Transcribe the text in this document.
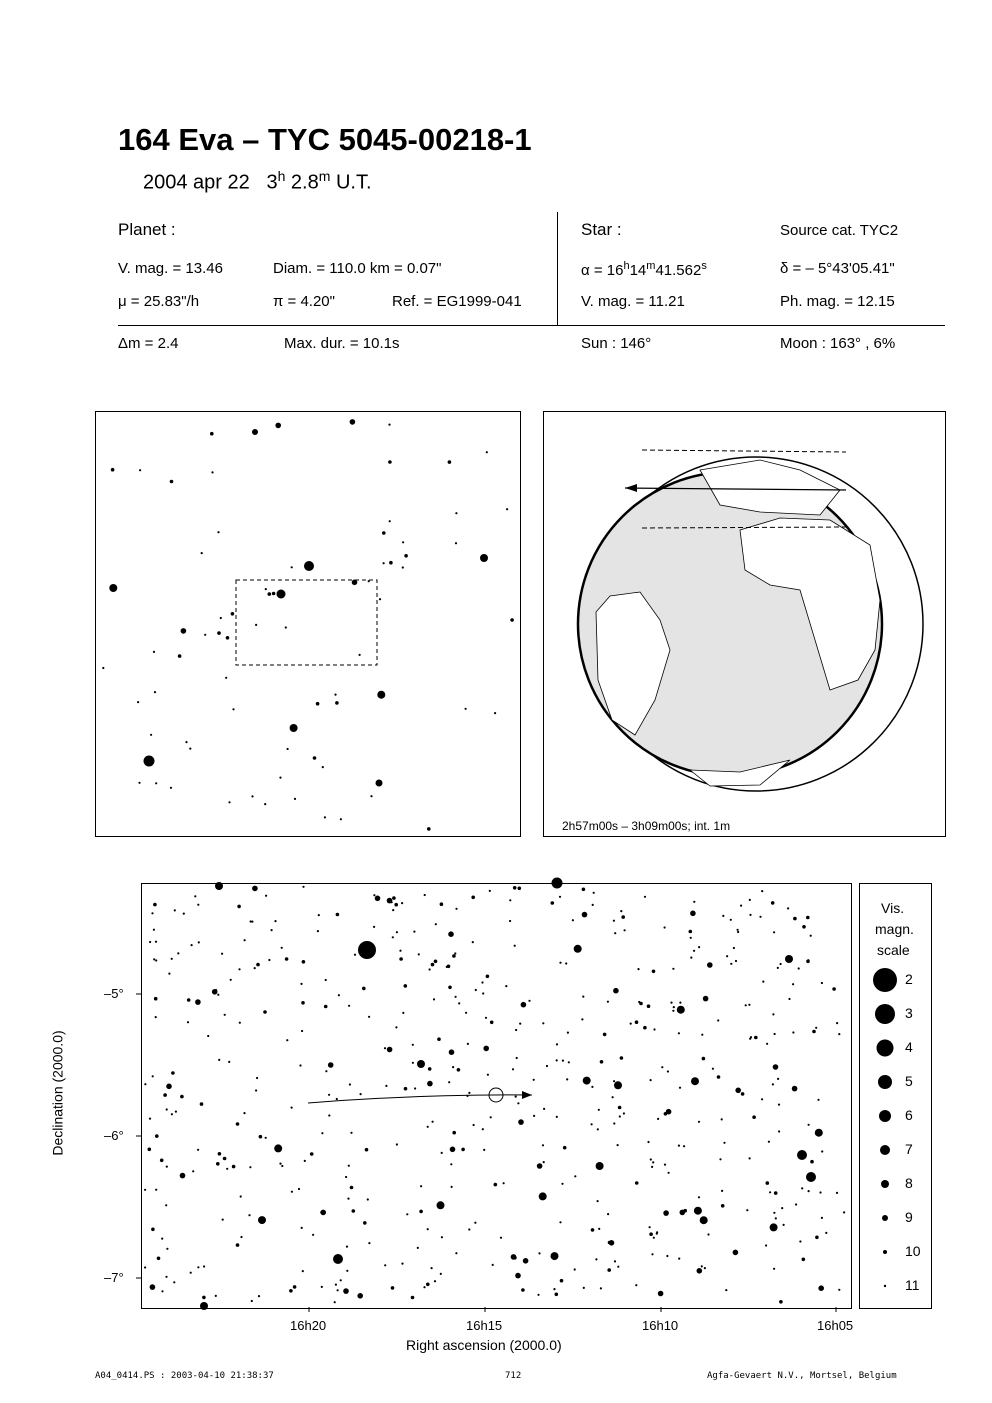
164 Eva – TYC 5045-00218-1
2004 apr 22 3$^h$ 2.8$^m$ U.T.
Planet :
V. mag. = 13.46	Diam. = 110.0 km = 0.07"
μ = 25.83"/h	π = 4.20"	Ref. = EG1999-041
Star :	Source cat. TYC2
$\alpha = 16^h14^m41.562^s$	δ = – 5°43'05.41"
V. mag. = 11.21	Ph. mag. = 12.15
Δm = 2.4	Max. dur. = 10.1s	Sun : 146°	Moon : 163° , 6%
2h57m00s – 3h09m00s; int. 1m
Vis.
magn.
scale
2
3
4
5
6
7
8
9
10
11
–5°
–6°
–7°
16h20	16h15	16h10	16h05
Right ascension (2000.0)
Declination (2000.0)
A04_0414.PS : 2003-04-10 21:38:37	712	Agfa-Gevaert N.V., Mortsel, Belgium
